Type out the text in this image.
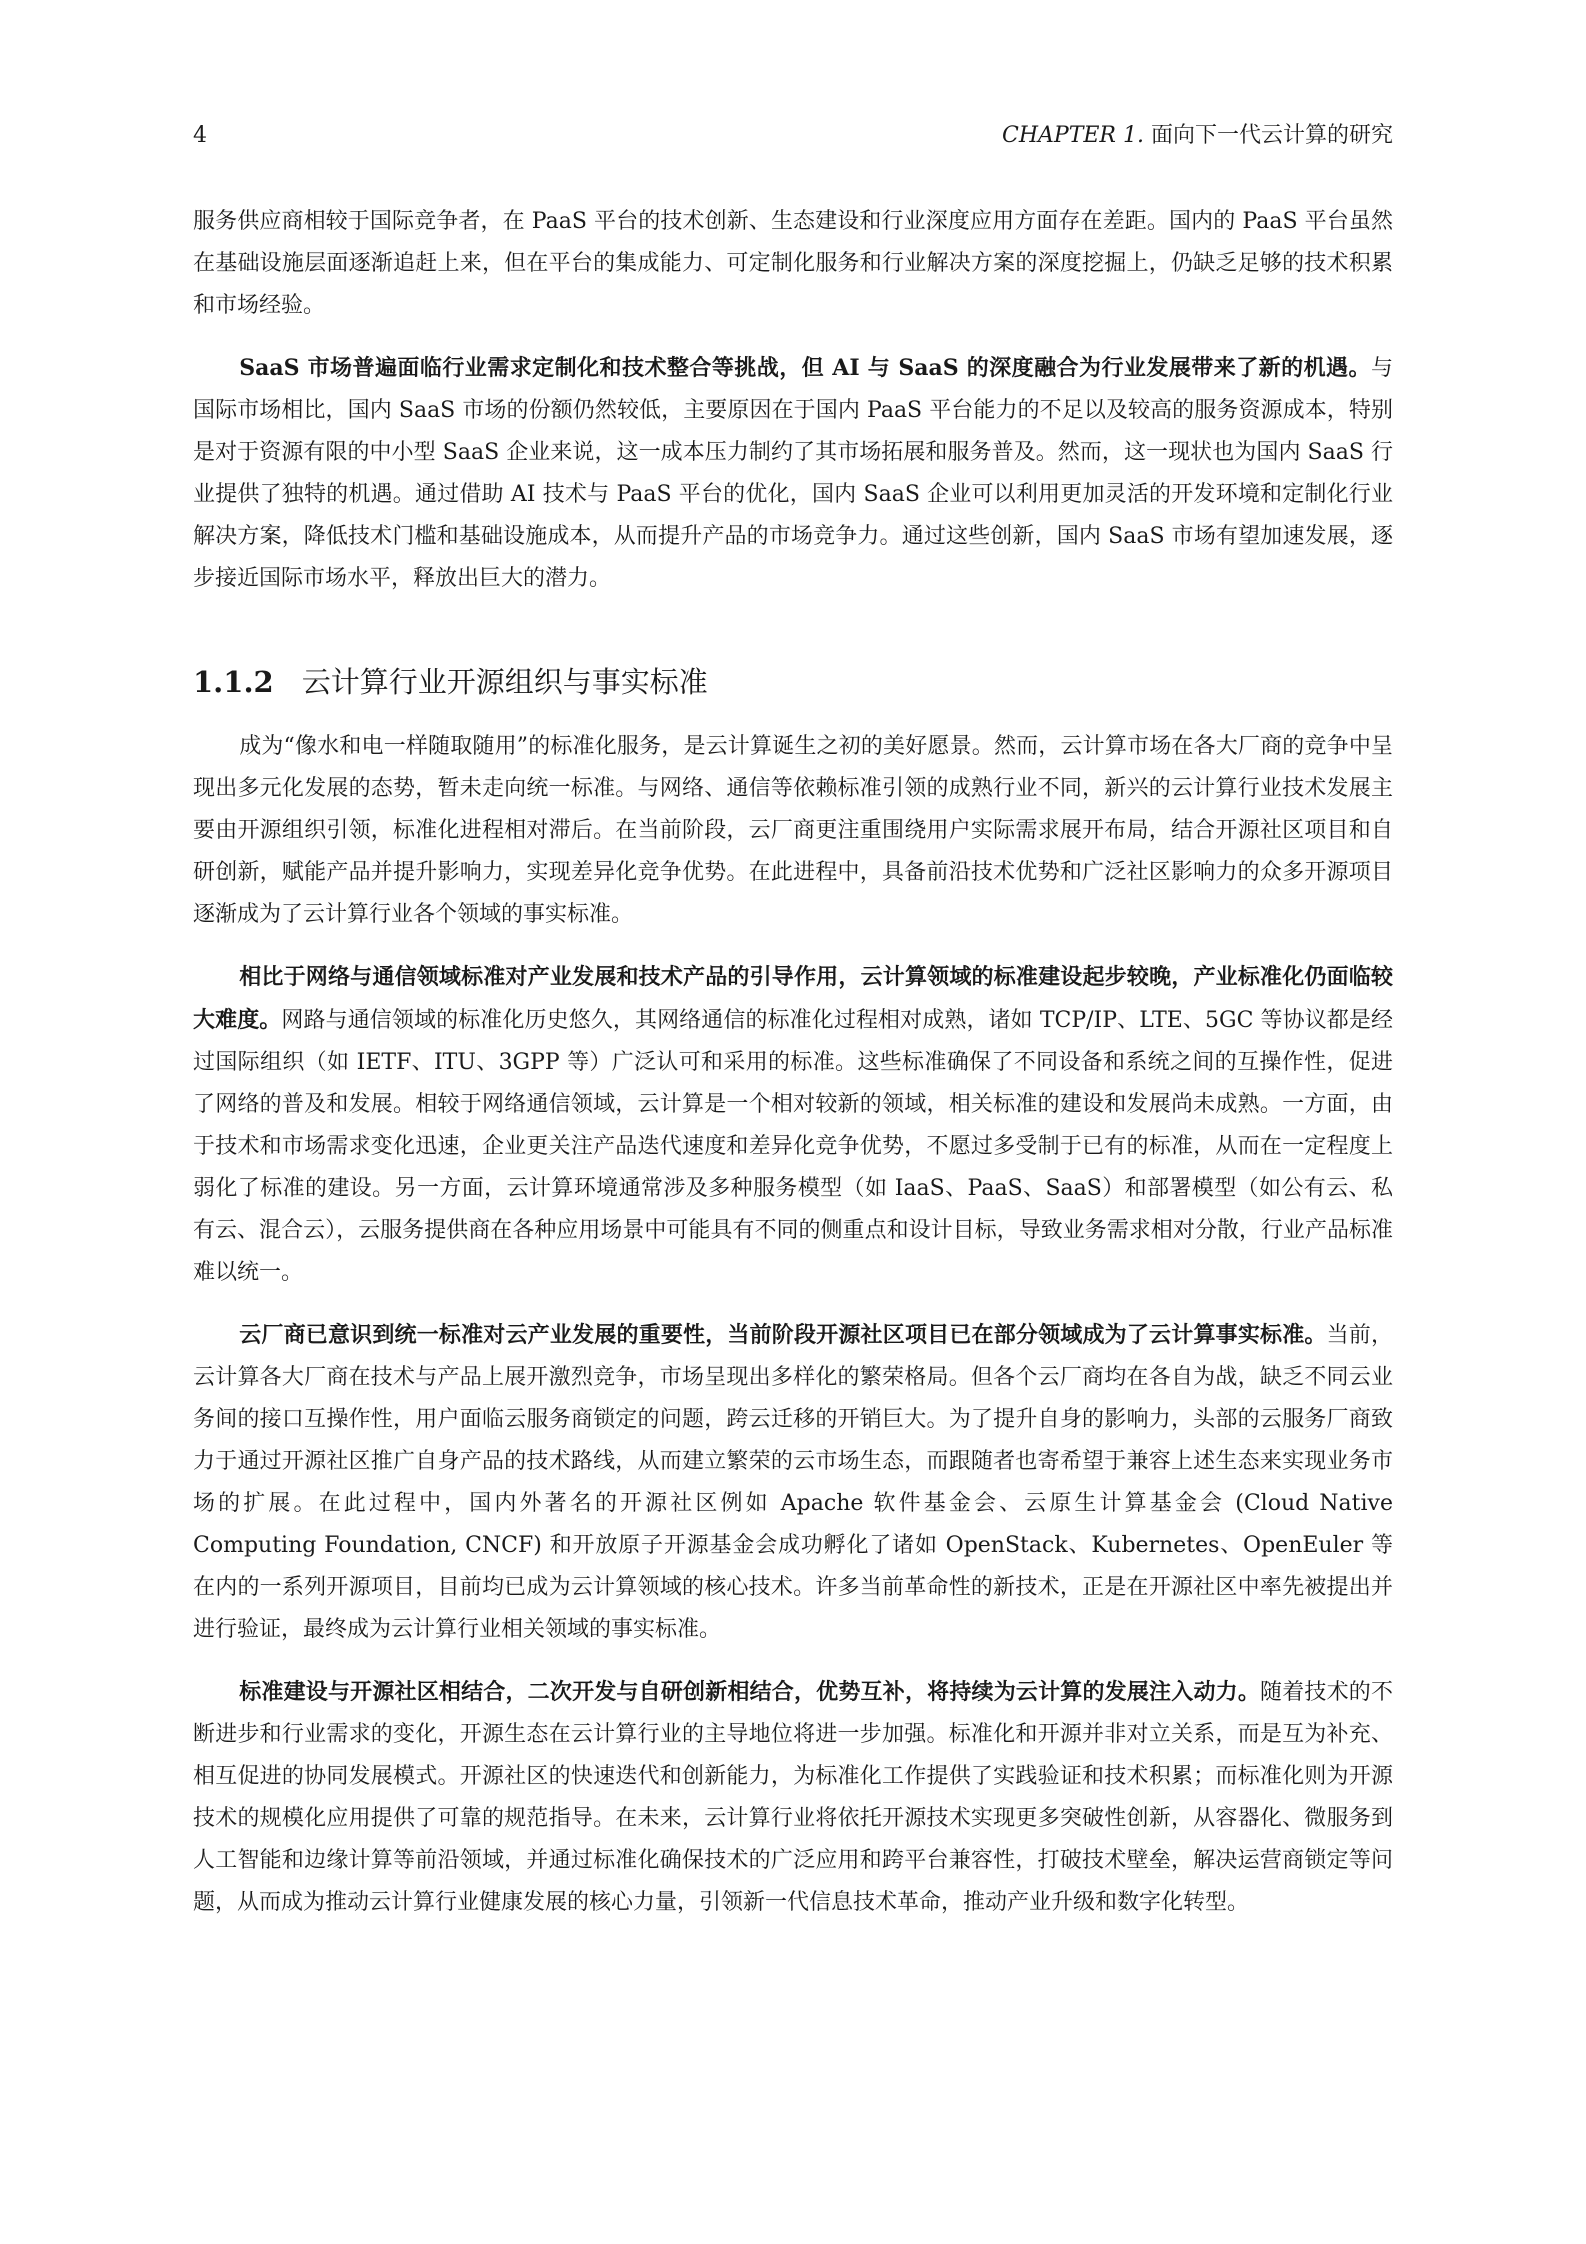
4	CHAPTER 1. 面向下一代云计算的研究

服务供应商相较于国际竞争者，在 PaaS 平台的技术创新、生态建设和行业深度应用方面存在差距。国内的 PaaS 平台虽然在基础设施层面逐渐追赶上来，但在平台的集成能力、可定制化服务和行业解决方案的深度挖掘上，仍缺乏足够的技术积累和市场经验。

SaaS 市场普遍面临行业需求定制化和技术整合等挑战，但 AI 与 SaaS 的深度融合为行业发展带来了新的机遇。与国际市场相比，国内 SaaS 市场的份额仍然较低，主要原因在于国内 PaaS 平台能力的不足以及较高的服务资源成本，特别是对于资源有限的中小型 SaaS 企业来说，这一成本压力制约了其市场拓展和服务普及。然而，这一现状也为国内 SaaS 行业提供了独特的机遇。通过借助 AI 技术与 PaaS 平台的优化，国内 SaaS 企业可以利用更加灵活的开发环境和定制化行业解决方案，降低技术门槛和基础设施成本，从而提升产品的市场竞争力。通过这些创新，国内 SaaS 市场有望加速发展，逐步接近国际市场水平，释放出巨大的潜力。

1.1.2 云计算行业开源组织与事实标准

成为“像水和电一样随取随用”的标准化服务，是云计算诞生之初的美好愿景。然而，云计算市场在各大厂商的竞争中呈现出多元化发展的态势，暂未走向统一标准。与网络、通信等依赖标准引领的成熟行业不同，新兴的云计算行业技术发展主要由开源组织引领，标准化进程相对滞后。在当前阶段，云厂商更注重围绕用户实际需求展开布局，结合开源社区项目和自研创新，赋能产品并提升影响力，实现差异化竞争优势。在此进程中，具备前沿技术优势和广泛社区影响力的众多开源项目逐渐成为了云计算行业各个领域的事实标准。

相比于网络与通信领域标准对产业发展和技术产品的引导作用，云计算领域的标准建设起步较晚，产业标准化仍面临较大难度。网路与通信领域的标准化历史悠久，其网络通信的标准化过程相对成熟，诸如 TCP/IP、LTE、5GC 等协议都是经过国际组织（如 IETF、ITU、3GPP 等）广泛认可和采用的标准。这些标准确保了不同设备和系统之间的互操作性，促进了网络的普及和发展。相较于网络通信领域，云计算是一个相对较新的领域，相关标准的建设和发展尚未成熟。一方面，由于技术和市场需求变化迅速，企业更关注产品迭代速度和差异化竞争优势，不愿过多受制于已有的标准，从而在一定程度上弱化了标准的建设。另一方面，云计算环境通常涉及多种服务模型（如 IaaS、PaaS、SaaS）和部署模型（如公有云、私有云、混合云），云服务提供商在各种应用场景中可能具有不同的侧重点和设计目标，导致业务需求相对分散，行业产品标准难以统一。

云厂商已意识到统一标准对云产业发展的重要性，当前阶段开源社区项目已在部分领域成为了云计算事实标准。当前，云计算各大厂商在技术与产品上展开激烈竞争，市场呈现出多样化的繁荣格局。但各个云厂商均在各自为战，缺乏不同云业务间的接口互操作性，用户面临云服务商锁定的问题，跨云迁移的开销巨大。为了提升自身的影响力，头部的云服务厂商致力于通过开源社区推广自身产品的技术路线，从而建立繁荣的云市场生态，而跟随者也寄希望于兼容上述生态来实现业务市场的扩展。在此过程中，国内外著名的开源社区例如 Apache 软件基金会、云原生计算基金会 (Cloud Native Computing Foundation, CNCF) 和开放原子开源基金会成功孵化了诸如 OpenStack、Kubernetes、OpenEuler 等在内的一系列开源项目，目前均已成为云计算领域的核心技术。许多当前革命性的新技术，正是在开源社区中率先被提出并进行验证，最终成为云计算行业相关领域的事实标准。

标准建设与开源社区相结合，二次开发与自研创新相结合，优势互补，将持续为云计算的发展注入动力。随着技术的不断进步和行业需求的变化，开源生态在云计算行业的主导地位将进一步加强。标准化和开源并非对立关系，而是互为补充、相互促进的协同发展模式。开源社区的快速迭代和创新能力，为标准化工作提供了实践验证和技术积累；而标准化则为开源技术的规模化应用提供了可靠的规范指导。在未来，云计算行业将依托开源技术实现更多突破性创新，从容器化、微服务到人工智能和边缘计算等前沿领域，并通过标准化确保技术的广泛应用和跨平台兼容性，打破技术壁垒，解决运营商锁定等问题，从而成为推动云计算行业健康发展的核心力量，引领新一代信息技术革命，推动产业升级和数字化转型。
